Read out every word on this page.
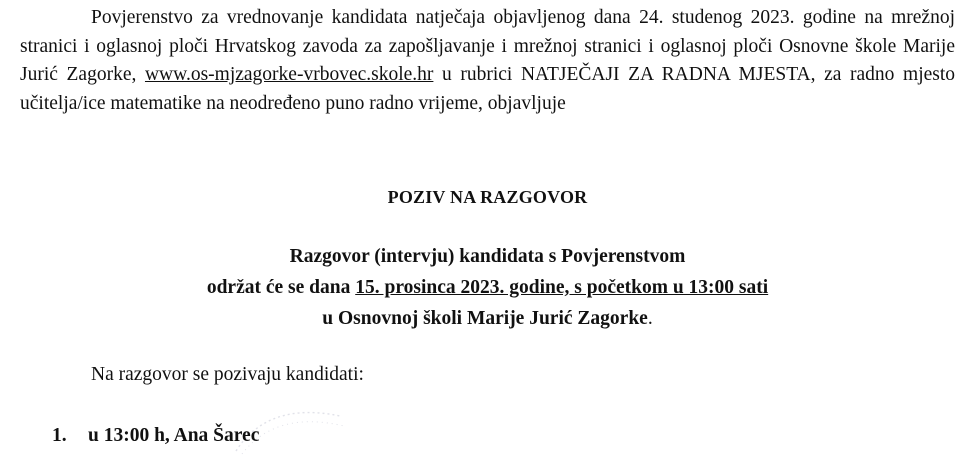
Povjerenstvo za vrednovanje kandidata natječaja objavljenog dana 24. studenog 2023. godine na mrežnoj stranici i oglasnoj ploči Hrvatskog zavoda za zapošljavanje i mrežnoj stranici i oglasnoj ploči Osnovne škole Marije Jurić Zagorke, www.os-mjzagorke-vrbovec.skole.hr u rubrici NATJEČAJI ZA RADNA MJESTA, za radno mjesto učitelja/ice matematike na neodređeno puno radno vrijeme, objavljuje

POZIV NA RAZGOVOR

Razgovor (intervju) kandidata s Povjerenstvom
održat će se dana 15. prosinca 2023. godine, s početkom u 13:00 sati
u Osnovnoj školi Marije Jurić Zagorke.

Na razgovor se pozivaju kandidati:

1. u 13:00 h, Ana Šarec
